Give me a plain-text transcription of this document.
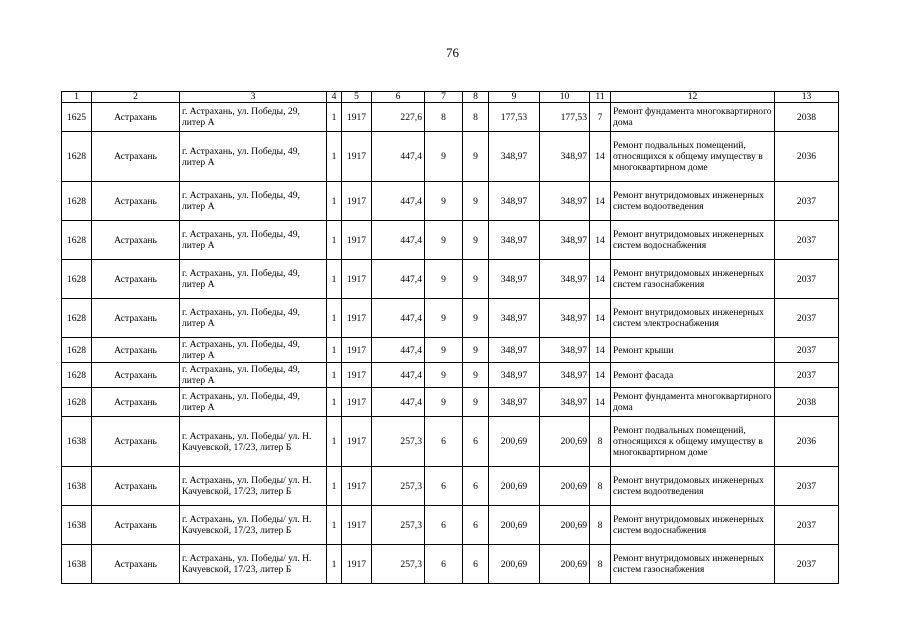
76
1	2	3	4	5	6	7	8	9	10	11	12	13
1625	Астрахань	г. Астрахань, ул. Победы, 29, литер А	1	1917	227,6	8	8	177,53	177,53	7	Ремонт фундамента многоквартирного дома	2038
1628	Астрахань	г. Астрахань, ул. Победы, 49, литер А	1	1917	447,4	9	9	348,97	348,97	14	Ремонт подвальных помещений, относящихся к общему имуществу в многоквартирном доме	2036
1628	Астрахань	г. Астрахань, ул. Победы, 49, литер А	1	1917	447,4	9	9	348,97	348,97	14	Ремонт внутридомовых инженерных систем водоотведения	2037
1628	Астрахань	г. Астрахань, ул. Победы, 49, литер А	1	1917	447,4	9	9	348,97	348,97	14	Ремонт внутридомовых инженерных систем водоснабжения	2037
1628	Астрахань	г. Астрахань, ул. Победы, 49, литер А	1	1917	447,4	9	9	348,97	348,97	14	Ремонт внутридомовых инженерных систем газоснабжения	2037
1628	Астрахань	г. Астрахань, ул. Победы, 49, литер А	1	1917	447,4	9	9	348,97	348,97	14	Ремонт внутридомовых инженерных систем электроснабжения	2037
1628	Астрахань	г. Астрахань, ул. Победы, 49, литер А	1	1917	447,4	9	9	348,97	348,97	14	Ремонт крыши	2037
1628	Астрахань	г. Астрахань, ул. Победы, 49, литер А	1	1917	447,4	9	9	348,97	348,97	14	Ремонт фасада	2037
1628	Астрахань	г. Астрахань, ул. Победы, 49, литер А	1	1917	447,4	9	9	348,97	348,97	14	Ремонт фундамента многоквартирного дома	2038
1638	Астрахань	г. Астрахань, ул. Победы/ ул. Н. Качуевской, 17/23, литер Б	1	1917	257,3	6	6	200,69	200,69	8	Ремонт подвальных помещений, относящихся к общему имуществу в многоквартирном доме	2036
1638	Астрахань	г. Астрахань, ул. Победы/ ул. Н. Качуевской, 17/23, литер Б	1	1917	257,3	6	6	200,69	200,69	8	Ремонт внутридомовых инженерных систем водоотведения	2037
1638	Астрахань	г. Астрахань, ул. Победы/ ул. Н. Качуевской, 17/23, литер Б	1	1917	257,3	6	6	200,69	200,69	8	Ремонт внутридомовых инженерных систем водоснабжения	2037
1638	Астрахань	г. Астрахань, ул. Победы/ ул. Н. Качуевской, 17/23, литер Б	1	1917	257,3	6	6	200,69	200,69	8	Ремонт внутридомовых инженерных систем газоснабжения	2037
